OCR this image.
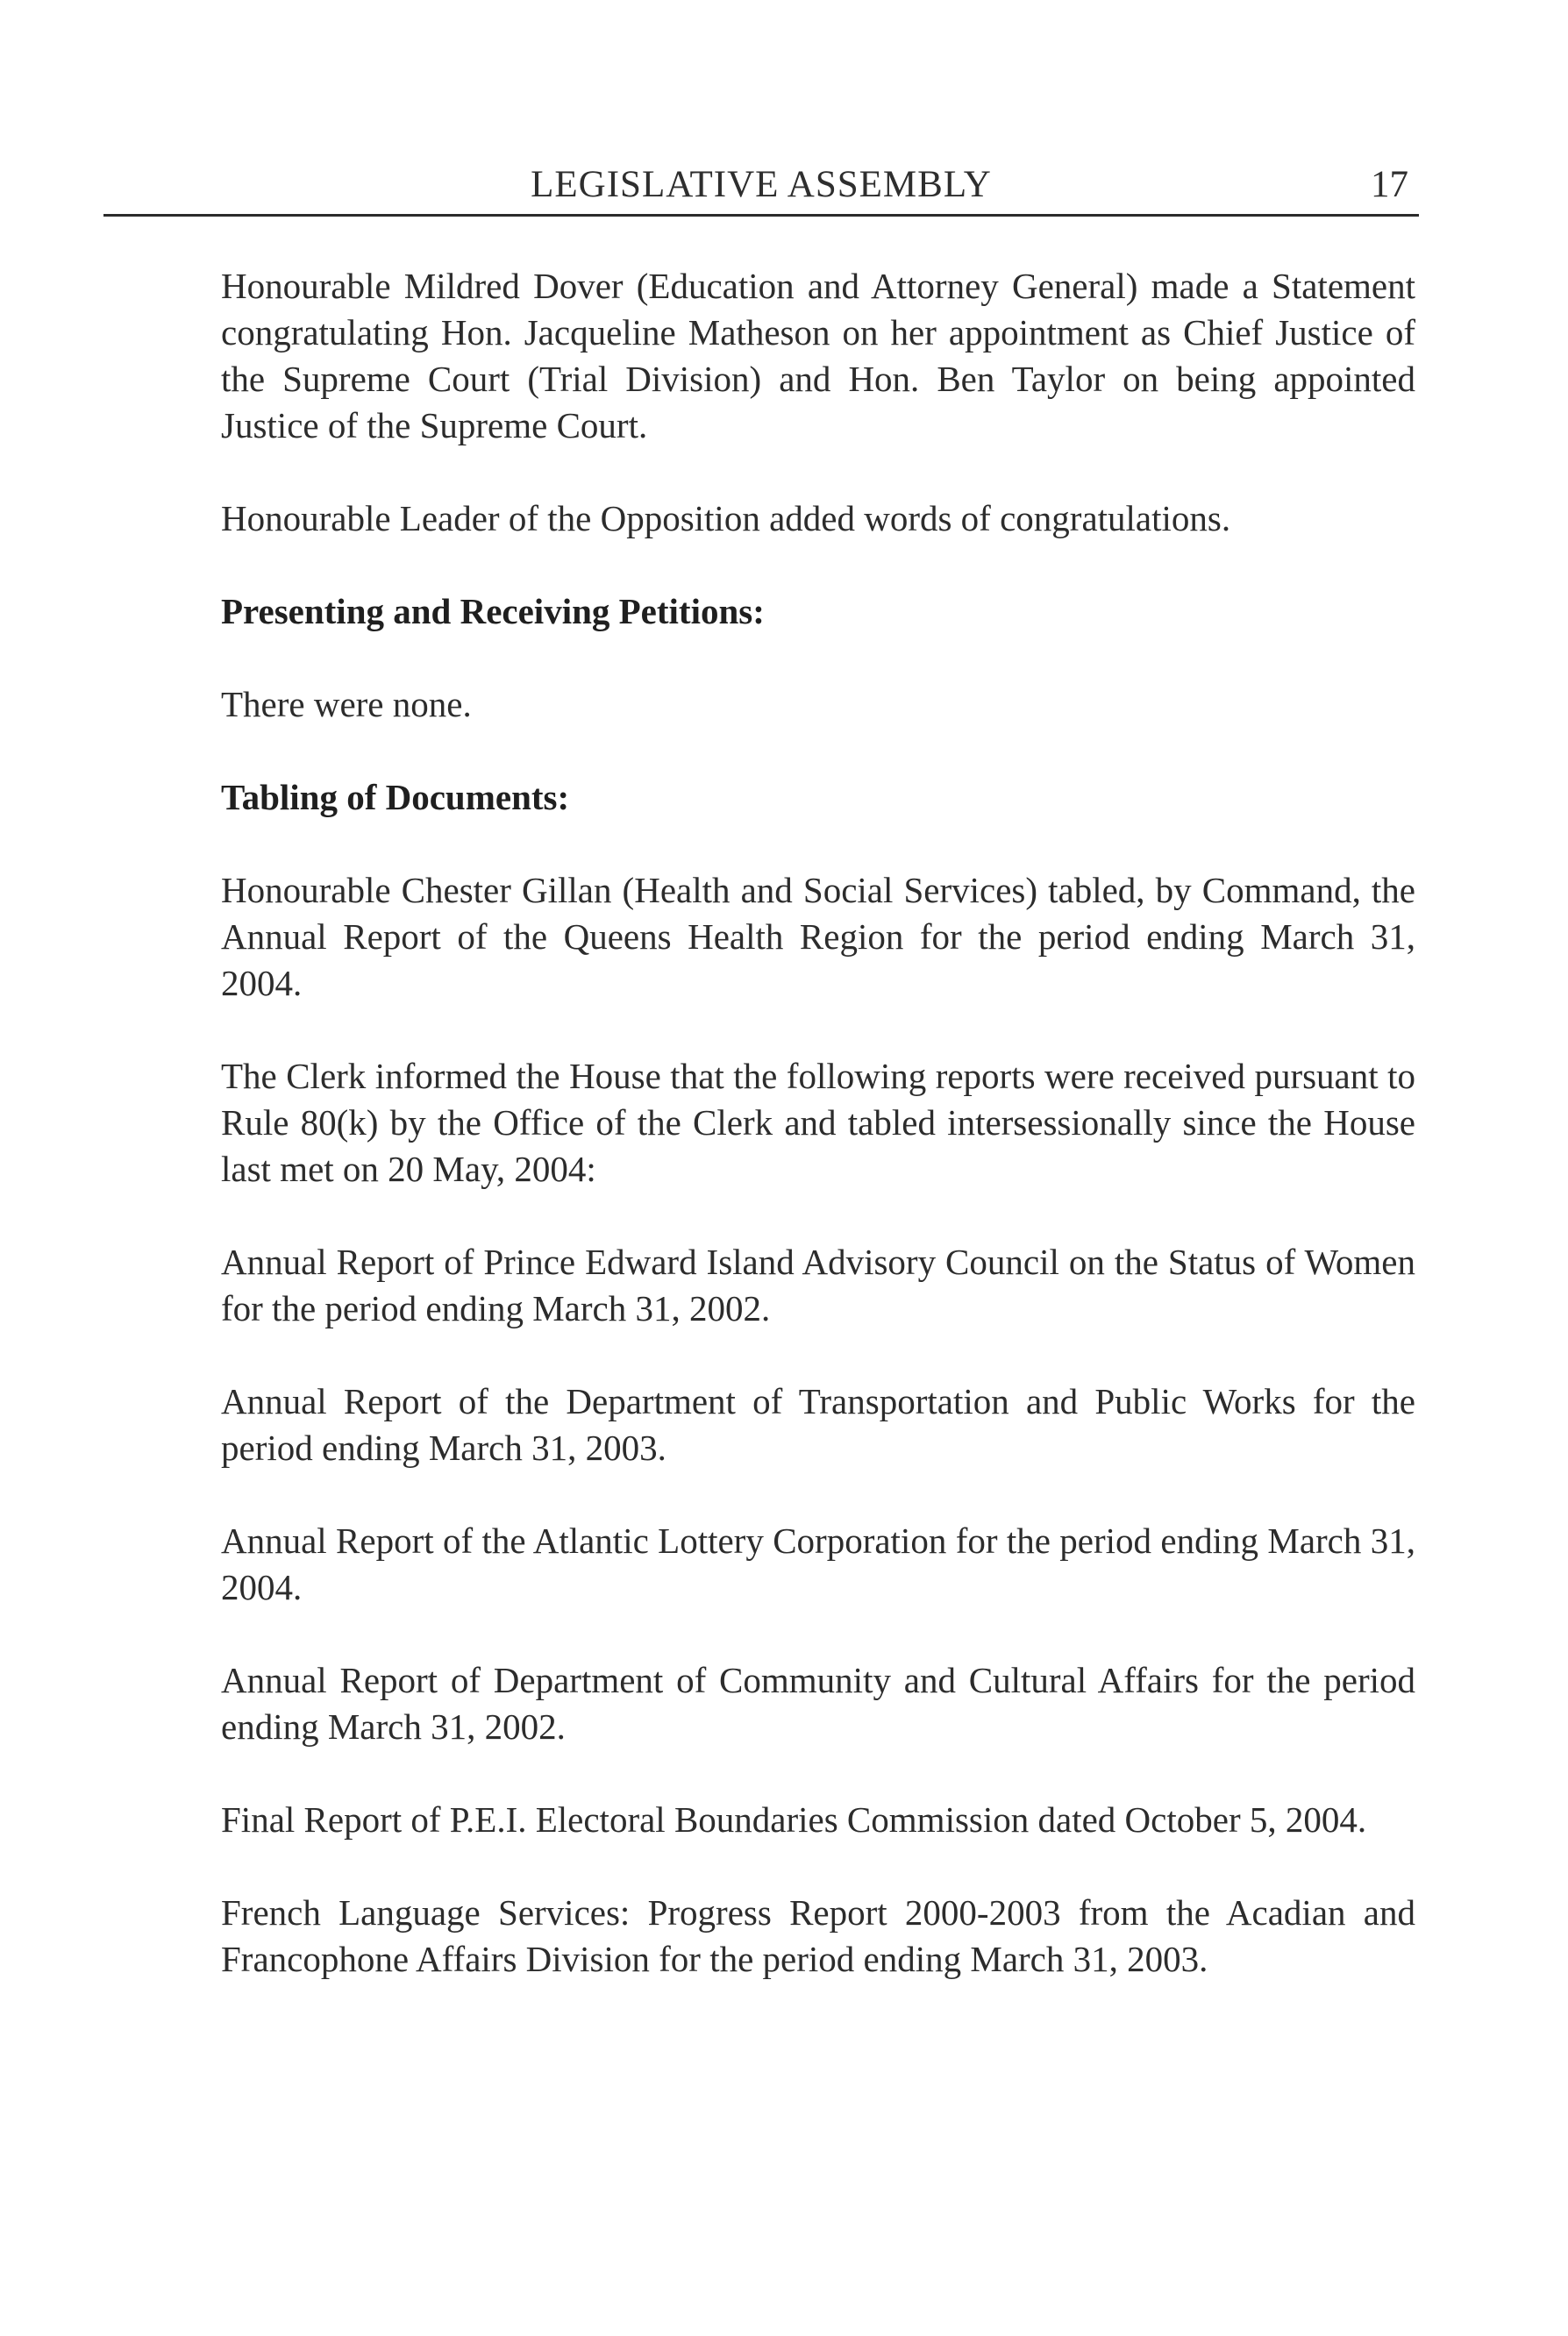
LEGISLATIVE ASSEMBLY	17

Honourable Mildred Dover (Education and Attorney General) made a Statement congratulating Hon. Jacqueline Matheson on her appointment as Chief Justice of the Supreme Court (Trial Division) and Hon. Ben Taylor on being appointed Justice of the Supreme Court.

Honourable Leader of the Opposition added words of congratulations.

Presenting and Receiving Petitions:

There were none.

Tabling of Documents:

Honourable Chester Gillan (Health and Social Services) tabled, by Command, the Annual Report of the Queens Health Region for the period ending March 31, 2004.

The Clerk informed the House that the following reports were received pursuant to Rule 80(k) by the Office of the Clerk and tabled intersessionally since the House last met on 20 May, 2004:

Annual Report of Prince Edward Island Advisory Council on the Status of Women for the period ending March 31, 2002.

Annual Report of the Department of Transportation and Public Works for the period ending March 31, 2003.

Annual Report of the Atlantic Lottery Corporation for the period ending March 31, 2004.

Annual Report of Department of Community and Cultural Affairs for the period ending March 31, 2002.

Final Report of P.E.I. Electoral Boundaries Commission dated October 5, 2004.

French Language Services: Progress Report 2000-2003 from the Acadian and Francophone Affairs Division for the period ending March 31, 2003.
